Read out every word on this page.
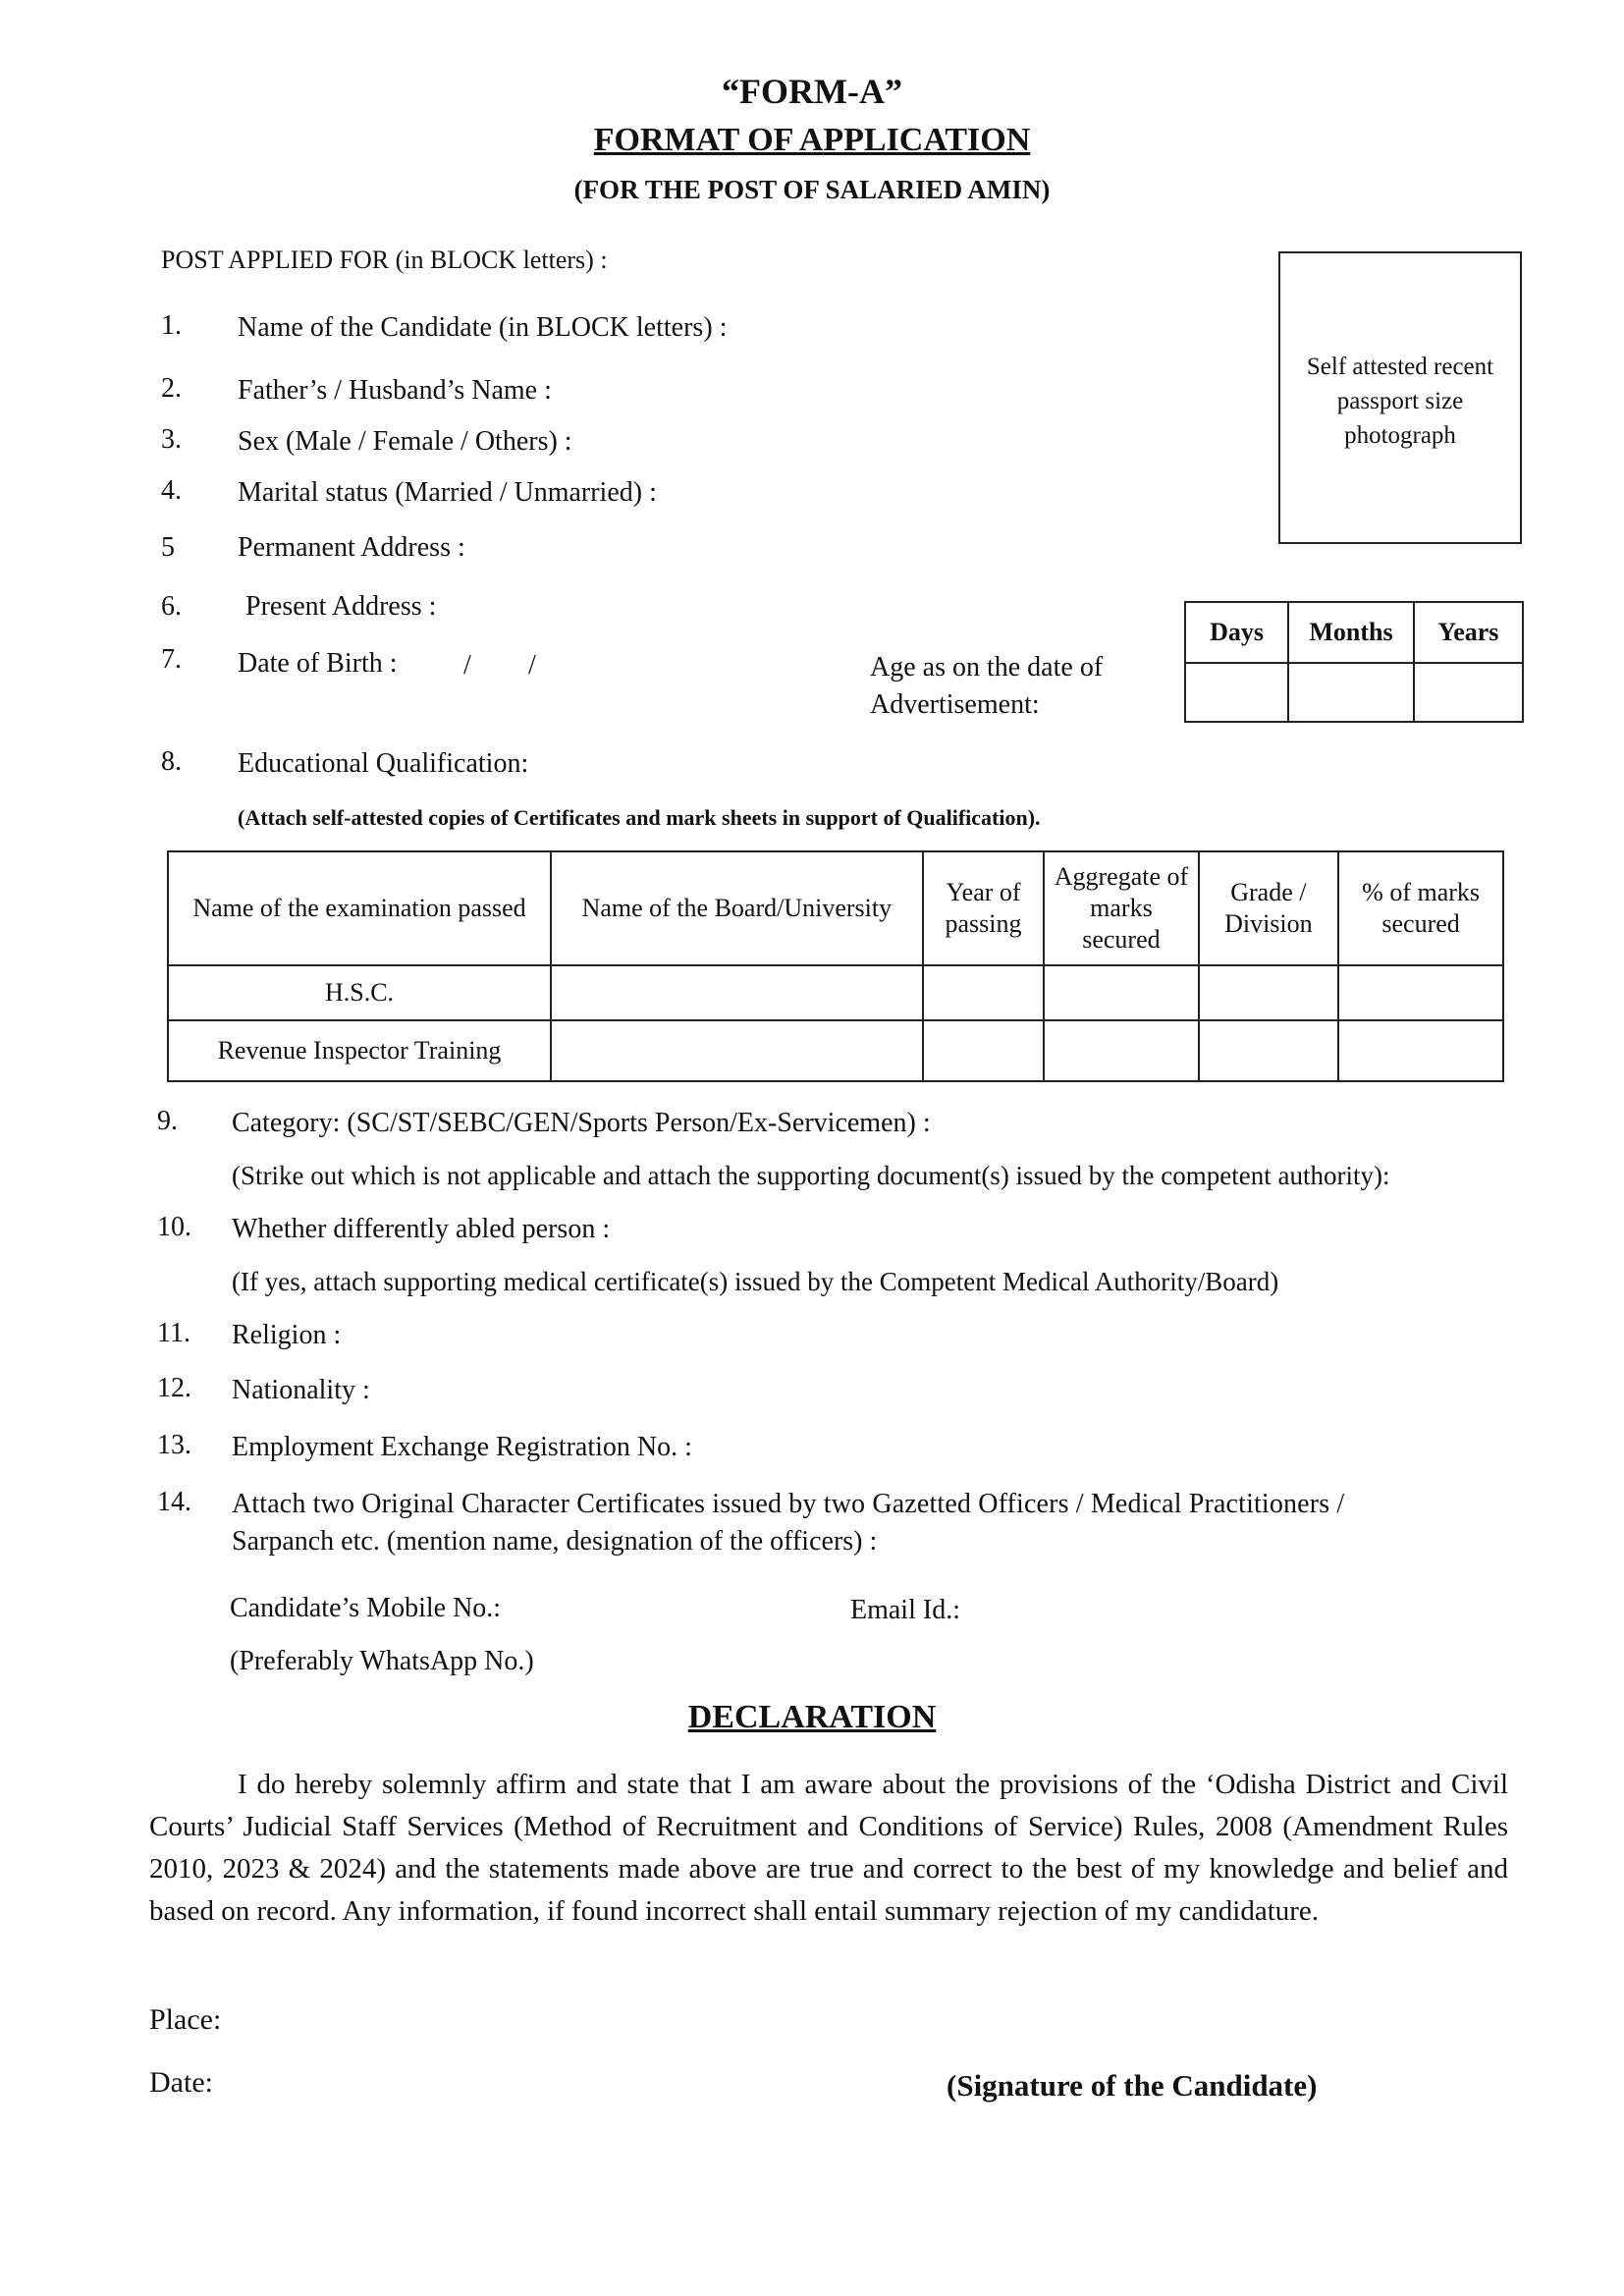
“FORM-A”
FORMAT OF APPLICATION
(FOR THE POST OF SALARIED AMIN)
POST APPLIED FOR (in BLOCK letters) :
Self attested recent passport size photograph
1. Name of the Candidate (in BLOCK letters) :
2. Father’s / Husband’s Name :
3. Sex (Male / Female / Others) :
4. Marital status (Married / Unmarried) :
5 Permanent Address :
6. Present Address :
7. Date of Birth : / /	Age as on the date of
Advertisement:
Days	Months	Years

8. Educational Qualification:
(Attach self-attested copies of Certificates and mark sheets in support of Qualification).
Name of the examination passed	Name of the Board/University	Year of passing	Aggregate of marks secured	Grade / Division	% of marks secured
H.S.C.					
Revenue Inspector Training					
9. Category: (SC/ST/SEBC/GEN/Sports Person/Ex-Servicemen) :
(Strike out which is not applicable and attach the supporting document(s) issued by the competent authority):
10. Whether differently abled person :
(If yes, attach supporting medical certificate(s) issued by the Competent Medical Authority/Board)
11. Religion :
12. Nationality :
13. Employment Exchange Registration No. :
14. Attach two Original Character Certificates issued by two Gazetted Officers / Medical Practitioners /
Sarpanch etc. (mention name, designation of the officers) :
Candidate’s Mobile No.:	Email Id.:
(Preferably WhatsApp No.)
DECLARATION
I do hereby solemnly affirm and state that I am aware about the provisions of the ‘Odisha District and Civil Courts’ Judicial Staff Services (Method of Recruitment and Conditions of Service) Rules, 2008 (Amendment Rules 2010, 2023 & 2024) and the statements made above are true and correct to the best of my knowledge and belief and based on record. Any information, if found incorrect shall entail summary rejection of my candidature.
Place:
Date:	(Signature of the Candidate)
